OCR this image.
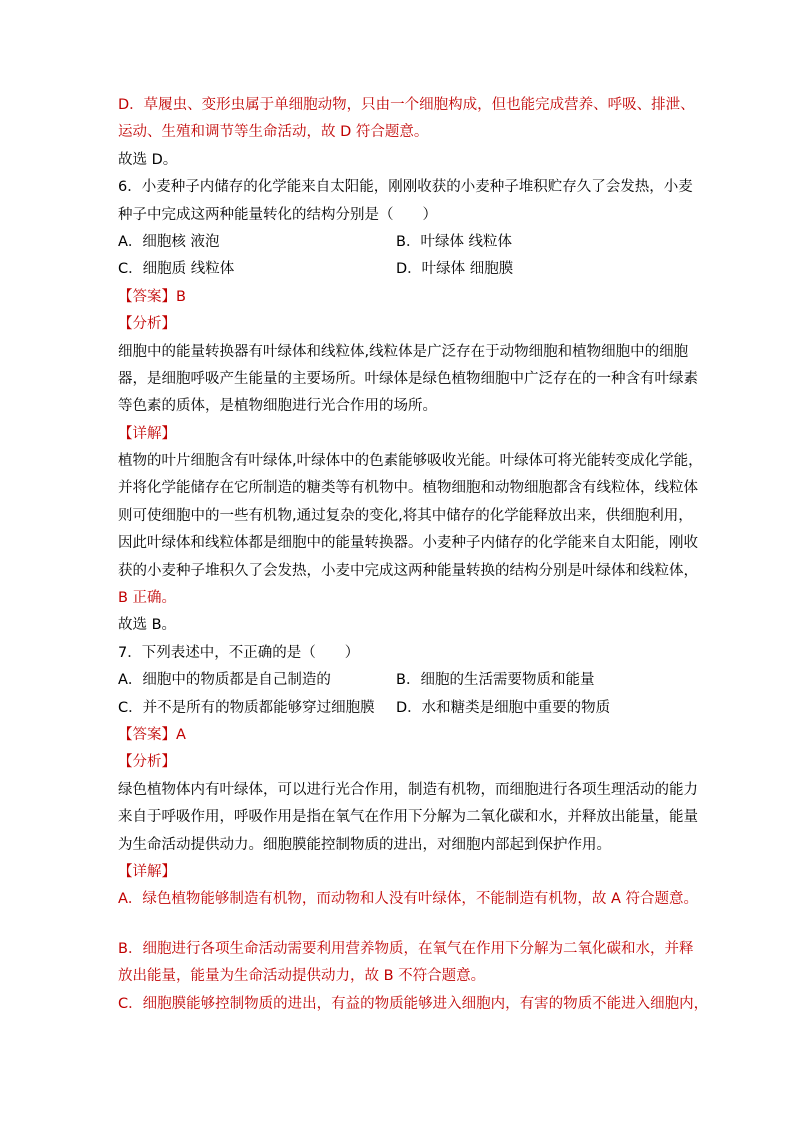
D．草履虫、变形虫属于单细胞动物，只由一个细胞构成，但也能完成营养、呼吸、排泄、
运动、生殖和调节等生命活动，故 D 符合题意。
故选 D。
6．小麦种子内储存的化学能来自太阳能，刚刚收获的小麦种子堆积贮存久了会发热，小麦
种子中完成这两种能量转化的结构分别是（　　）
A．细胞核 液泡	B．叶绿体 线粒体
C．细胞质 线粒体	D．叶绿体 细胞膜
【答案】B
【分析】
细胞中的能量转换器有叶绿体和线粒体,线粒体是广泛存在于动物细胞和植物细胞中的细胞
器，是细胞呼吸产生能量的主要场所。叶绿体是绿色植物细胞中广泛存在的一种含有叶绿素
等色素的质体，是植物细胞进行光合作用的场所。
【详解】
植物的叶片细胞含有叶绿体,叶绿体中的色素能够吸收光能。叶绿体可将光能转变成化学能，
并将化学能储存在它所制造的糖类等有机物中。植物细胞和动物细胞都含有线粒体，线粒体
则可使细胞中的一些有机物,通过复杂的变化,将其中储存的化学能释放出来，供细胞利用，
因此叶绿体和线粒体都是细胞中的能量转换器。小麦种子内储存的化学能来自太阳能，刚收
获的小麦种子堆积久了会发热，小麦中完成这两种能量转换的结构分别是叶绿体和线粒体，
B 正确。
故选 B。
7．下列表述中，不正确的是（　　）
A．细胞中的物质都是自己制造的	B．细胞的生活需要物质和能量
C．并不是所有的物质都能够穿过细胞膜	D．水和糖类是细胞中重要的物质
【答案】A
【分析】
绿色植物体内有叶绿体，可以进行光合作用，制造有机物，而细胞进行各项生理活动的能力
来自于呼吸作用，呼吸作用是指在氧气在作用下分解为二氧化碳和水，并释放出能量，能量
为生命活动提供动力。细胞膜能控制物质的进出，对细胞内部起到保护作用。
【详解】
A．绿色植物能够制造有机物，而动物和人没有叶绿体，不能制造有机物，故 A 符合题意。
B．细胞进行各项生命活动需要利用营养物质，在氧气在作用下分解为二氧化碳和水，并释
放出能量，能量为生命活动提供动力，故 B 不符合题意。
C．细胞膜能够控制物质的进出，有益的物质能够进入细胞内，有害的物质不能进入细胞内，
